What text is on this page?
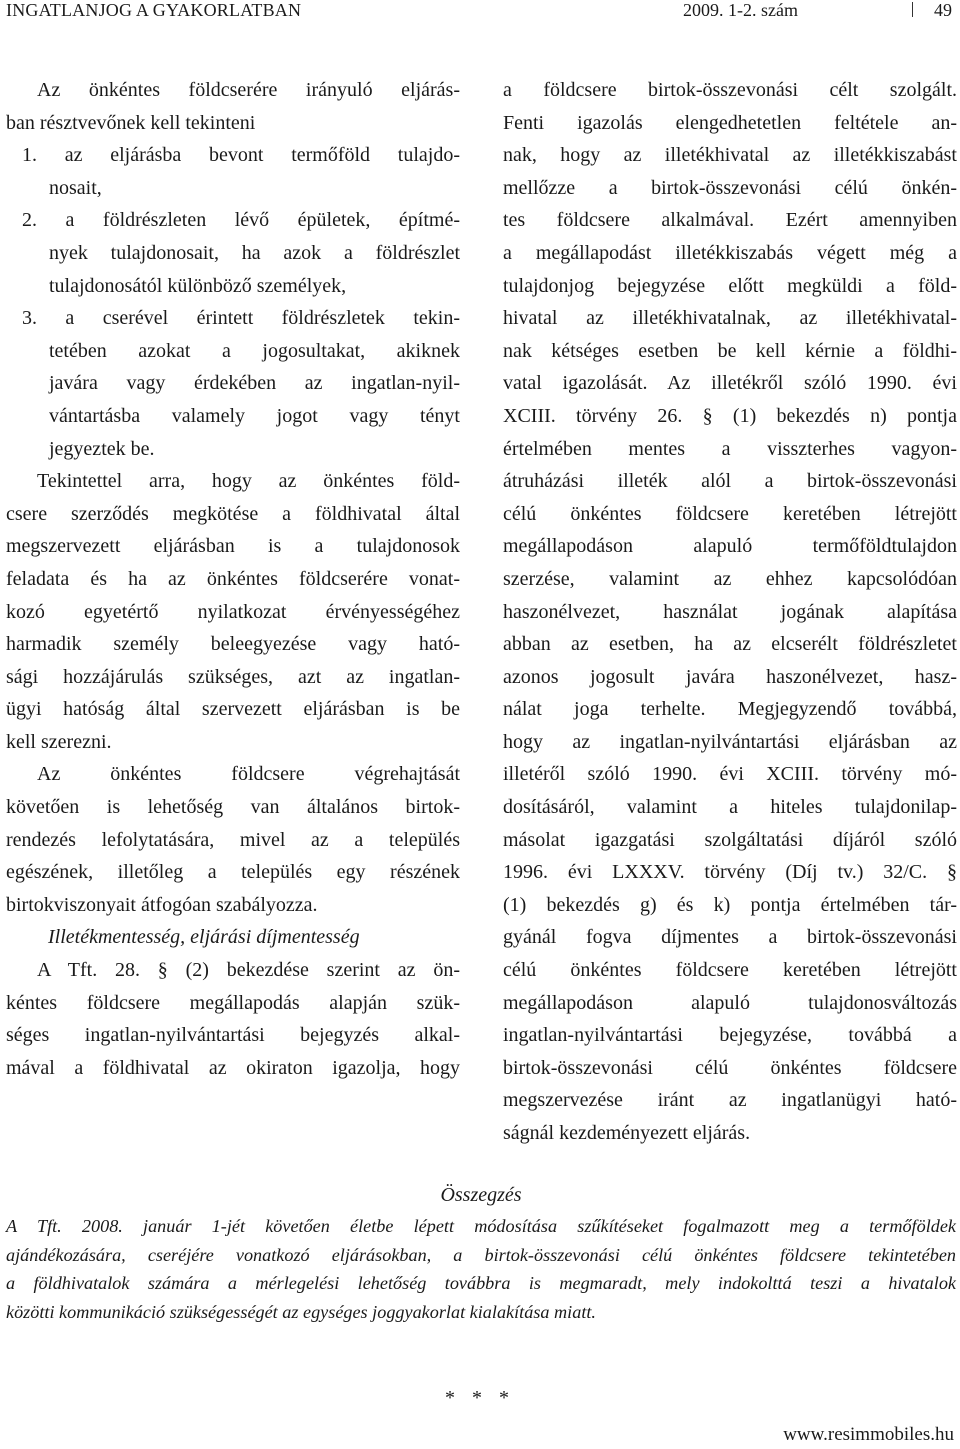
INGATLANJOG A GYAKORLATBAN	2009. 1-2. szám	49

Az önkéntes földcserére irányuló eljárás-
ban résztvevőnek kell tekinteni

1. az eljárásba bevont termőföld tulajdo-
nosait,

2. a földrészleten lévő épületek, építmé-
nyek tulajdonosait, ha azok a földrészlet
tulajdonosától különböző személyek,

3. a cserével érintett földrészletek tekin-
tetében azokat a jogosultakat, akiknek
javára vagy érdekében az ingatlan-nyil-
vántartásba valamely jogot vagy tényt
jegyeztek be.

Tekintettel arra, hogy az önkéntes föld-
csere szerződés megkötése a földhivatal által
megszervezett eljárásban is a tulajdonosok
feladata és ha az önkéntes földcserére vonat-
kozó egyetértő nyilatkozat érvényességéhez
harmadik személy beleegyezése vagy ható-
sági hozzájárulás szükséges, azt az ingatlan-
ügyi hatóság által szervezett eljárásban is be
kell szerezni.

Az önkéntes földcsere végrehajtását
követően is lehetőség van általános birtok-
rendezés lefolytatására, mivel az a település
egészének, illetőleg a település egy részének
birtokviszonyait átfogóan szabályozza.

Illetékmentesség, eljárási díjmentesség

A Tft. 28. § (2) bekezdése szerint az ön-
kéntes földcsere megállapodás alapján szük-
séges ingatlan-nyilvántartási bejegyzés alkal-
mával a földhivatal az okiraton igazolja, hogy

a földcsere birtok-összevonási célt szolgált.
Fenti igazolás elengedhetetlen feltétele an-
nak, hogy az illetékhivatal az illetékkiszabást
mellőzze a birtok-összevonási célú önkén-
tes földcsere alkalmával. Ezért amennyiben
a megállapodást illetékkiszabás végett még a
tulajdonjog bejegyzése előtt megküldi a föld-
hivatal az illetékhivatalnak, az illetékhivatal-
nak kétséges esetben be kell kérnie a földhi-
vatal igazolását. Az illetékről szóló 1990. évi
XCIII. törvény 26. § (1) bekezdés n) pontja
értelmében mentes a visszterhes vagyon-
átruházási illeték alól a birtok-összevonási
célú önkéntes földcsere keretében létrejött
megállapodáson alapuló termőföldtulajdon
szerzése, valamint az ehhez kapcsolódóan
haszonélvezet, használat jogának alapítása
abban az esetben, ha az elcserélt földrészletet
azonos jogosult javára haszonélvezet, hasz-
nálat joga terhelte. Megjegyzendő továbbá,
hogy az ingatlan-nyilvántartási eljárásban az
illetéről szóló 1990. évi XCIII. törvény mó-
dosításáról, valamint a hiteles tulajdonilap-
másolat igazgatási szolgáltatási díjáról szóló
1996. évi LXXXV. törvény (Díj tv.) 32/C. §
(1) bekezdés g) és k) pontja értelmében tár-
gyánál fogva díjmentes a birtok-összevonási
célú önkéntes földcsere keretében létrejött
megállapodáson alapuló tulajdonosváltozás
ingatlan-nyilvántartási bejegyzése, továbbá a
birtok-összevonási célú önkéntes földcsere
megszervezése iránt az ingatlanügyi ható-
ságnál kezdeményezett eljárás.

Összegzés
A Tft. 2008. január 1-jét követően életbe lépett módosítása szűkítéseket fogalmazott meg a termőföldek
ajándékozására, cseréjére vonatkozó eljárásokban, a birtok-összevonási célú önkéntes földcsere tekintetében
a földhivatalok számára a mérlegelési lehetőség továbbra is megmaradt, mely indokolttá teszi a hivatalok
közötti kommunikáció szükségességét az egységes joggyakorlat kialakítása miatt.
* * *
www.resimmobiles.hu
